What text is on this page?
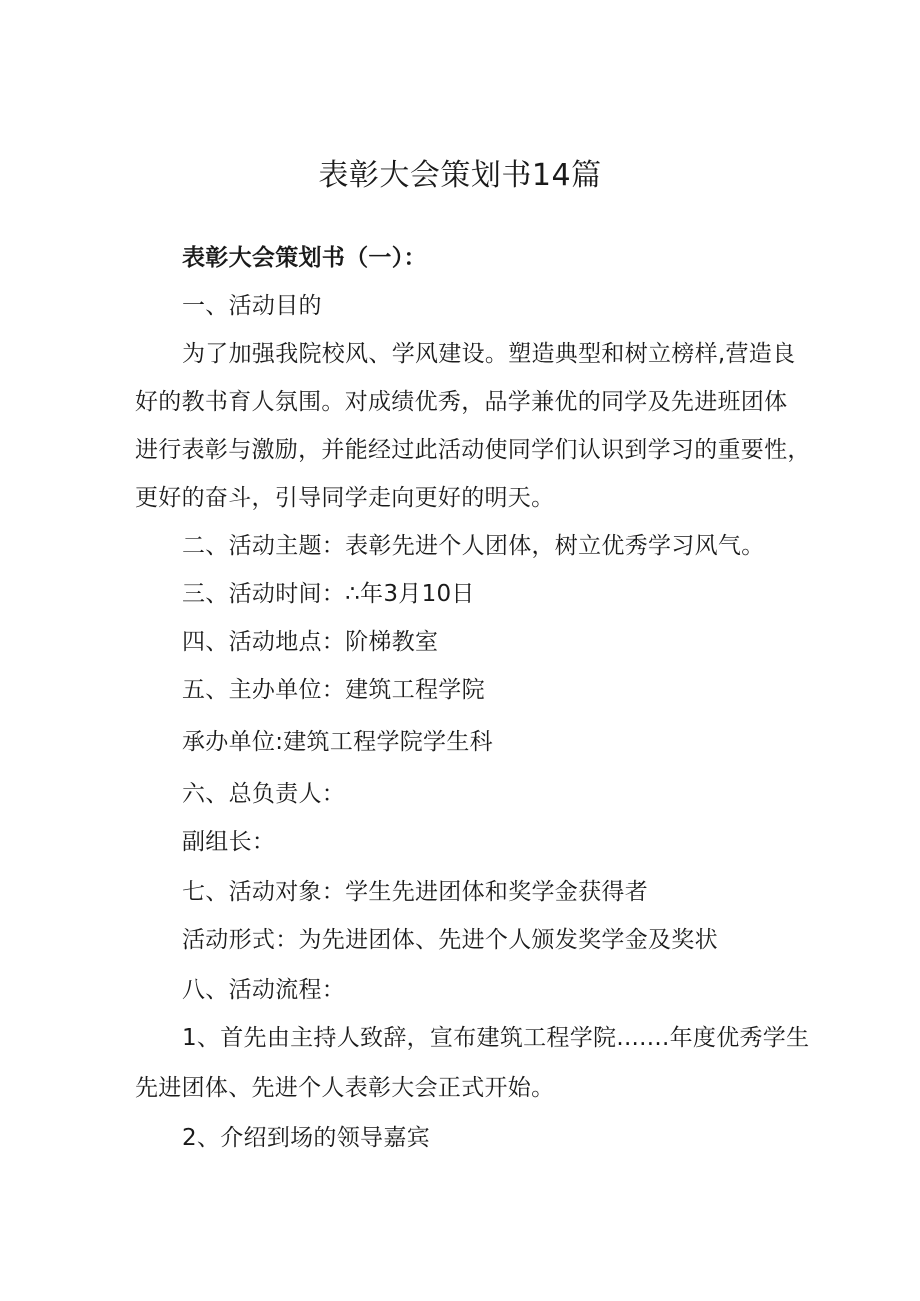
表彰大会策划书14篇
表彰大会策划书（一）：
一、活动目的
为了加强我院校风、学风建设。塑造典型和树立榜样,营造良
好的教书育人氛围。对成绩优秀，品学兼优的同学及先进班团体
进行表彰与激励，并能经过此活动使同学们认识到学习的重要性，
更好的奋斗，引导同学走向更好的明天。
二、活动主题：表彰先进个人团体，树立优秀学习风气。
三、活动时间：∴年3月10日
四、活动地点：阶梯教室
五、主办单位：建筑工程学院
承办单位:建筑工程学院学生科
六、总负责人：
副组长：
七、活动对象：学生先进团体和奖学金获得者
活动形式：为先进团体、先进个人颁发奖学金及奖状
八、活动流程：
1、首先由主持人致辞，宣布建筑工程学院.......年度优秀学生
先进团体、先进个人表彰大会正式开始。
2、介绍到场的领导嘉宾
